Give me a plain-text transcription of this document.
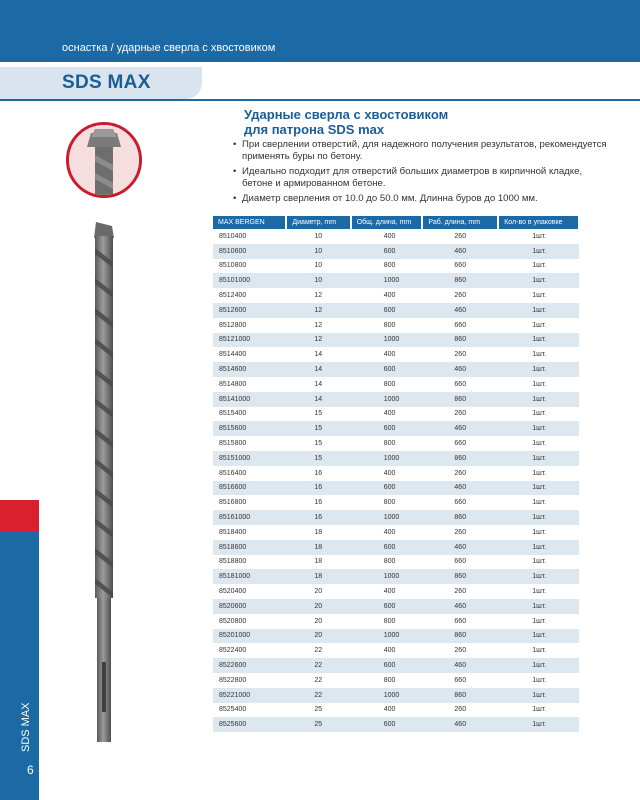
оснастка / ударные сверла с хвостовиком
SDS MAX
Ударные сверла с хвостовиком
для патрона SDS max
• При сверлении отверстий, для надежного получения результатов, рекомендуется применять буры по бетону.
• Идеально подходит для отверстий больших диаметров в кирпичной кладке, бетоне и армированном бетоне.
• Диаметр сверления от 10.0 до 50.0 мм. Длинна буров до 1000 мм.
MAX BERGEN	Диаметр, mm	Общ. длина, mm	Раб. длина, mm	Кол-во в упаковке
8510400	10	400	260	1шт.
8510600	10	600	460	1шт.
8510800	10	800	660	1шт.
85101000	10	1000	860	1шт.
8512400	12	400	260	1шт.
8512600	12	600	460	1шт.
8512800	12	800	660	1шт.
85121000	12	1000	860	1шт.
8514400	14	400	260	1шт.
8514600	14	600	460	1шт.
8514800	14	800	660	1шт.
85141000	14	1000	860	1шт.
8515400	15	400	260	1шт.
8515600	15	600	460	1шт.
8515800	15	800	660	1шт.
85151000	15	1000	860	1шт.
8516400	16	400	260	1шт.
8516600	16	600	460	1шт.
8516800	16	800	660	1шт.
85161000	16	1000	860	1шт.
8518400	18	400	260	1шт.
8518600	18	600	460	1шт.
8518800	18	800	660	1шт.
85181000	18	1000	860	1шт.
8520400	20	400	260	1шт.
8520600	20	600	460	1шт.
8520800	20	800	660	1шт.
85201000	20	1000	860	1шт.
8522400	22	400	260	1шт.
8522600	22	600	460	1шт.
8522800	22	800	660	1шт.
85221000	22	1000	860	1шт.
8525400	25	400	260	1шт.
8525600	25	600	460	1шт.
SDS MAX
6
